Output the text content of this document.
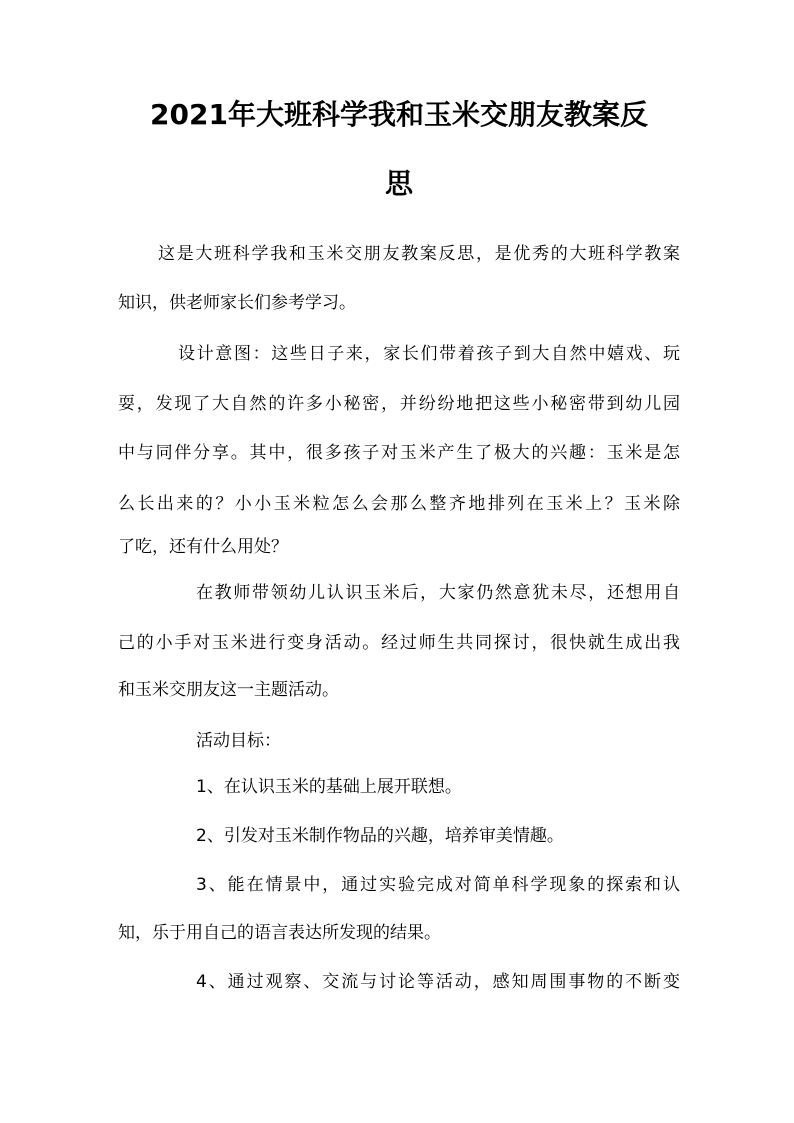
2021年大班科学我和玉米交朋友教案反
思
这是大班科学我和玉米交朋友教案反思，是优秀的大班科学教案
知识，供老师家长们参考学习。
设计意图：这些日子来，家长们带着孩子到大自然中嬉戏、玩
耍，发现了大自然的许多小秘密，并纷纷地把这些小秘密带到幼儿园
中与同伴分享。其中，很多孩子对玉米产生了极大的兴趣：玉米是怎
么长出来的？小小玉米粒怎么会那么整齐地排列在玉米上？玉米除
了吃，还有什么用处？
在教师带领幼儿认识玉米后，大家仍然意犹未尽，还想用自
己的小手对玉米进行变身活动。经过师生共同探讨，很快就生成出我
和玉米交朋友这一主题活动。
活动目标：
1、在认识玉米的基础上展开联想。
2、引发对玉米制作物品的兴趣，培养审美情趣。
3、能在情景中，通过实验完成对简单科学现象的探索和认
知，乐于用自己的语言表达所发现的结果。
4、通过观察、交流与讨论等活动，感知周围事物的不断变
